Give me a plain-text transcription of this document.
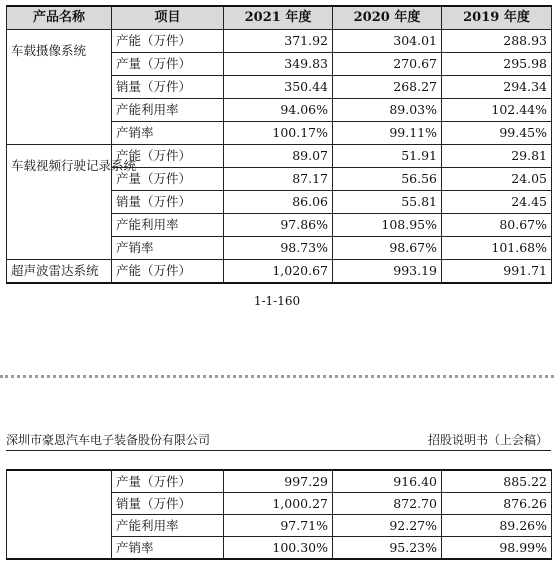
产品名称	项目	2021 年度	2020 年度	2019 年度
车载摄像系统	产能（万件）	371.92	304.01	288.93
	产量（万件）	349.83	270.67	295.98
	销量（万件）	350.44	268.27	294.34
	产能利用率	94.06%	89.03%	102.44%
	产销率	100.17%	99.11%	99.45%
车载视频行驶记录系统	产能（万件）	89.07	51.91	29.81
	产量（万件）	87.17	56.56	24.05
	销量（万件）	86.06	55.81	24.45
	产能利用率	97.86%	108.95%	80.67%
	产销率	98.73%	98.67%	101.68%
超声波雷达系统	产能（万件）	1,020.67	993.19	991.71
1-1-160
深圳市豪恩汽车电子装备股份有限公司	招股说明书（上会稿）
	产量（万件）	997.29	916.40	885.22
	销量（万件）	1,000.27	872.70	876.26
	产能利用率	97.71%	92.27%	89.26%
	产销率	100.30%	95.23%	98.99%
